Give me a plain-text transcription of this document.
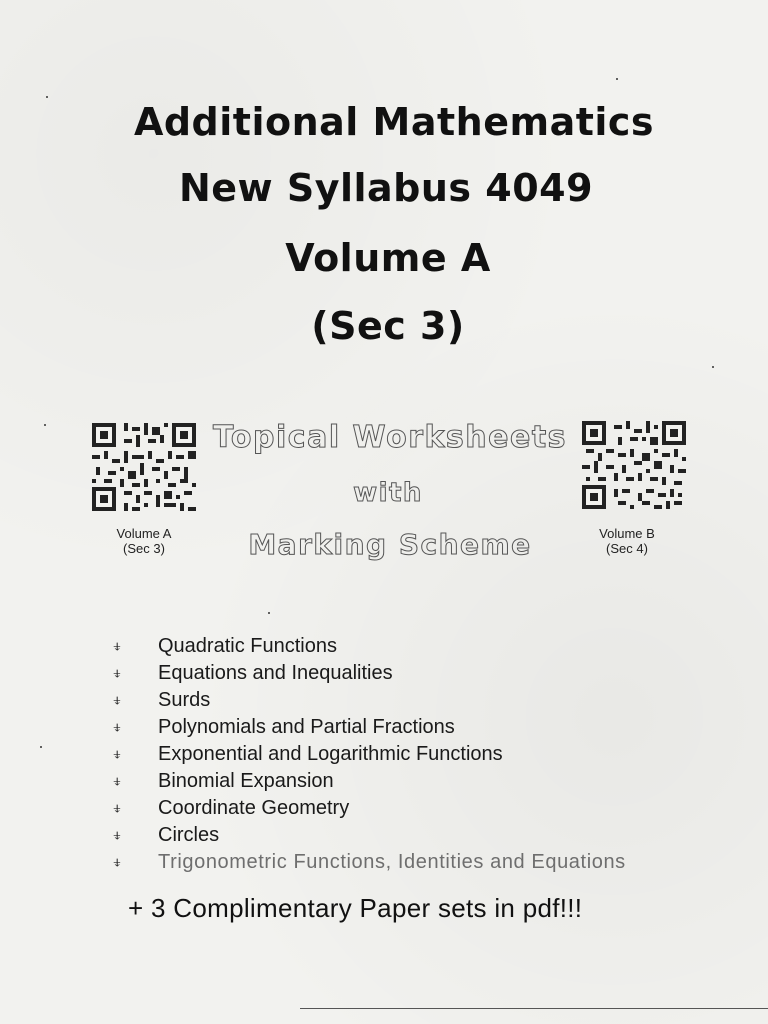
Additional Mathematics
New Syllabus 4049
Volume A
(Sec 3)
Volume A
(Sec 3)
Volume B
(Sec 4)
Topical Worksheets
with
Marking Scheme
⍖	Quadratic Functions
⍖	Equations and Inequalities
⍖	Surds
⍖	Polynomials and Partial Fractions
⍖	Exponential and Logarithmic Functions
⍖	Binomial Expansion
⍖	Coordinate Geometry
⍖	Circles
⍖	Trigonometric Functions, Identities and Equations
+ 3 Complimentary Paper sets in pdf!!!
